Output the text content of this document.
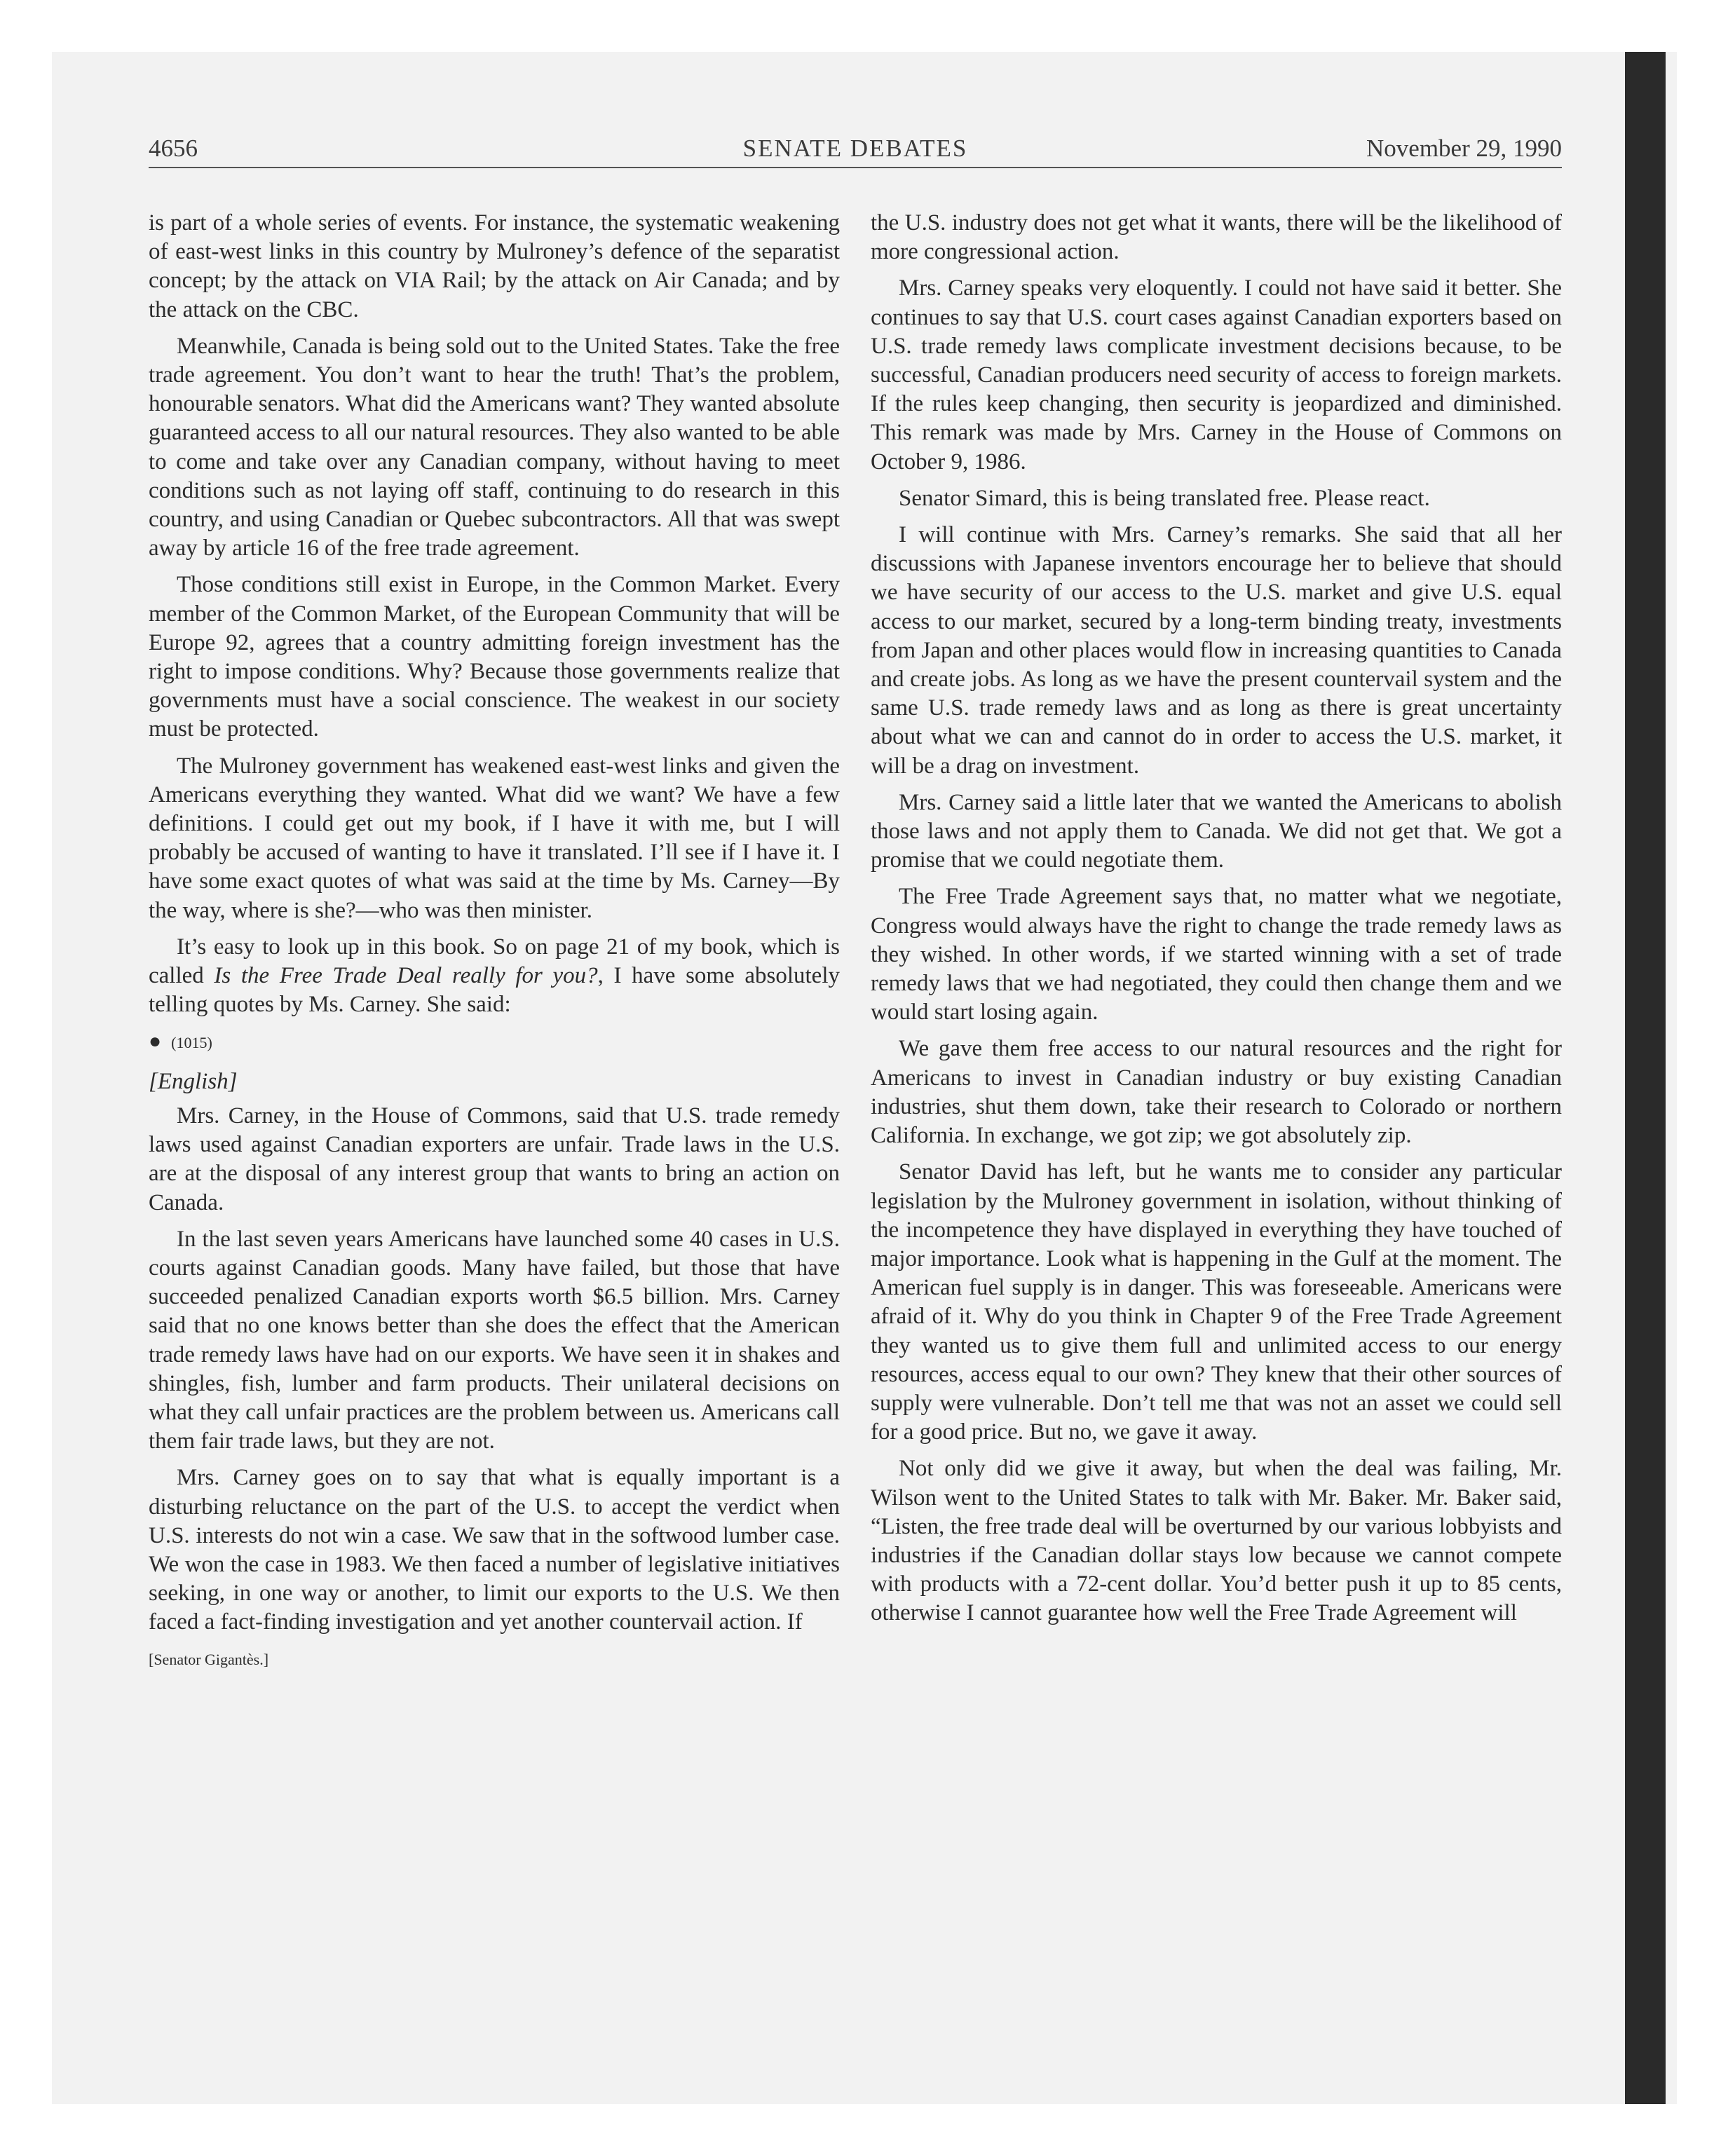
4656	SENATE DEBATES	November 29, 1990

is part of a whole series of events. For instance, the systematic weakening of east-west links in this country by Mulroney’s defence of the separatist concept; by the attack on VIA Rail; by the attack on Air Canada; and by the attack on the CBC.

Meanwhile, Canada is being sold out to the United States. Take the free trade agreement. You don’t want to hear the truth! That’s the problem, honourable senators. What did the Americans want? They wanted absolute guaranteed access to all our natural resources. They also wanted to be able to come and take over any Canadian company, without having to meet conditions such as not laying off staff, continuing to do research in this country, and using Canadian or Quebec subcontractors. All that was swept away by article 16 of the free trade agreement.

Those conditions still exist in Europe, in the Common Market. Every member of the Common Market, of the European Community that will be Europe 92, agrees that a country admitting foreign investment has the right to impose conditions. Why? Because those governments realize that governments must have a social conscience. The weakest in our society must be protected.

The Mulroney government has weakened east-west links and given the Americans everything they wanted. What did we want? We have a few definitions. I could get out my book, if I have it with me, but I will probably be accused of wanting to have it translated. I’ll see if I have it. I have some exact quotes of what was said at the time by Ms. Carney—By the way, where is she?—who was then minister.

It’s easy to look up in this book. So on page 21 of my book, which is called Is the Free Trade Deal really for you?, I have some absolutely telling quotes by Ms. Carney. She said:

● (1015)
[English]

Mrs. Carney, in the House of Commons, said that U.S. trade remedy laws used against Canadian exporters are unfair. Trade laws in the U.S. are at the disposal of any interest group that wants to bring an action on Canada.

In the last seven years Americans have launched some 40 cases in U.S. courts against Canadian goods. Many have failed, but those that have succeeded penalized Canadian exports worth $6.5 billion. Mrs. Carney said that no one knows better than she does the effect that the American trade remedy laws have had on our exports. We have seen it in shakes and shingles, fish, lumber and farm products. Their unilateral decisions on what they call unfair practices are the problem between us. Americans call them fair trade laws, but they are not.

Mrs. Carney goes on to say that what is equally important is a disturbing reluctance on the part of the U.S. to accept the verdict when U.S. interests do not win a case. We saw that in the softwood lumber case. We won the case in 1983. We then faced a number of legislative initiatives seeking, in one way or another, to limit our exports to the U.S. We then faced a fact-finding investigation and yet another countervail action. If

[Senator Gigantès.]

the U.S. industry does not get what it wants, there will be the likelihood of more congressional action.

Mrs. Carney speaks very eloquently. I could not have said it better. She continues to say that U.S. court cases against Canadian exporters based on U.S. trade remedy laws complicate investment decisions because, to be successful, Canadian producers need security of access to foreign markets. If the rules keep changing, then security is jeopardized and diminished. This remark was made by Mrs. Carney in the House of Commons on October 9, 1986.

Senator Simard, this is being translated free. Please react.

I will continue with Mrs. Carney’s remarks. She said that all her discussions with Japanese inventors encourage her to believe that should we have security of our access to the U.S. market and give U.S. equal access to our market, secured by a long-term binding treaty, investments from Japan and other places would flow in increasing quantities to Canada and create jobs. As long as we have the present countervail system and the same U.S. trade remedy laws and as long as there is great uncertainty about what we can and cannot do in order to access the U.S. market, it will be a drag on investment.

Mrs. Carney said a little later that we wanted the Americans to abolish those laws and not apply them to Canada. We did not get that. We got a promise that we could negotiate them.

The Free Trade Agreement says that, no matter what we negotiate, Congress would always have the right to change the trade remedy laws as they wished. In other words, if we started winning with a set of trade remedy laws that we had negotiated, they could then change them and we would start losing again.

We gave them free access to our natural resources and the right for Americans to invest in Canadian industry or buy existing Canadian industries, shut them down, take their research to Colorado or northern California. In exchange, we got zip; we got absolutely zip.

Senator David has left, but he wants me to consider any particular legislation by the Mulroney government in isolation, without thinking of the incompetence they have displayed in everything they have touched of major importance. Look what is happening in the Gulf at the moment. The American fuel supply is in danger. This was foreseeable. Americans were afraid of it. Why do you think in Chapter 9 of the Free Trade Agreement they wanted us to give them full and unlimited access to our energy resources, access equal to our own? They knew that their other sources of supply were vulnerable. Don’t tell me that was not an asset we could sell for a good price. But no, we gave it away.

Not only did we give it away, but when the deal was failing, Mr. Wilson went to the United States to talk with Mr. Baker. Mr. Baker said, “Listen, the free trade deal will be overturned by our various lobbyists and industries if the Canadian dollar stays low because we cannot compete with products with a 72-cent dollar. You’d better push it up to 85 cents, otherwise I cannot guarantee how well the Free Trade Agreement will
